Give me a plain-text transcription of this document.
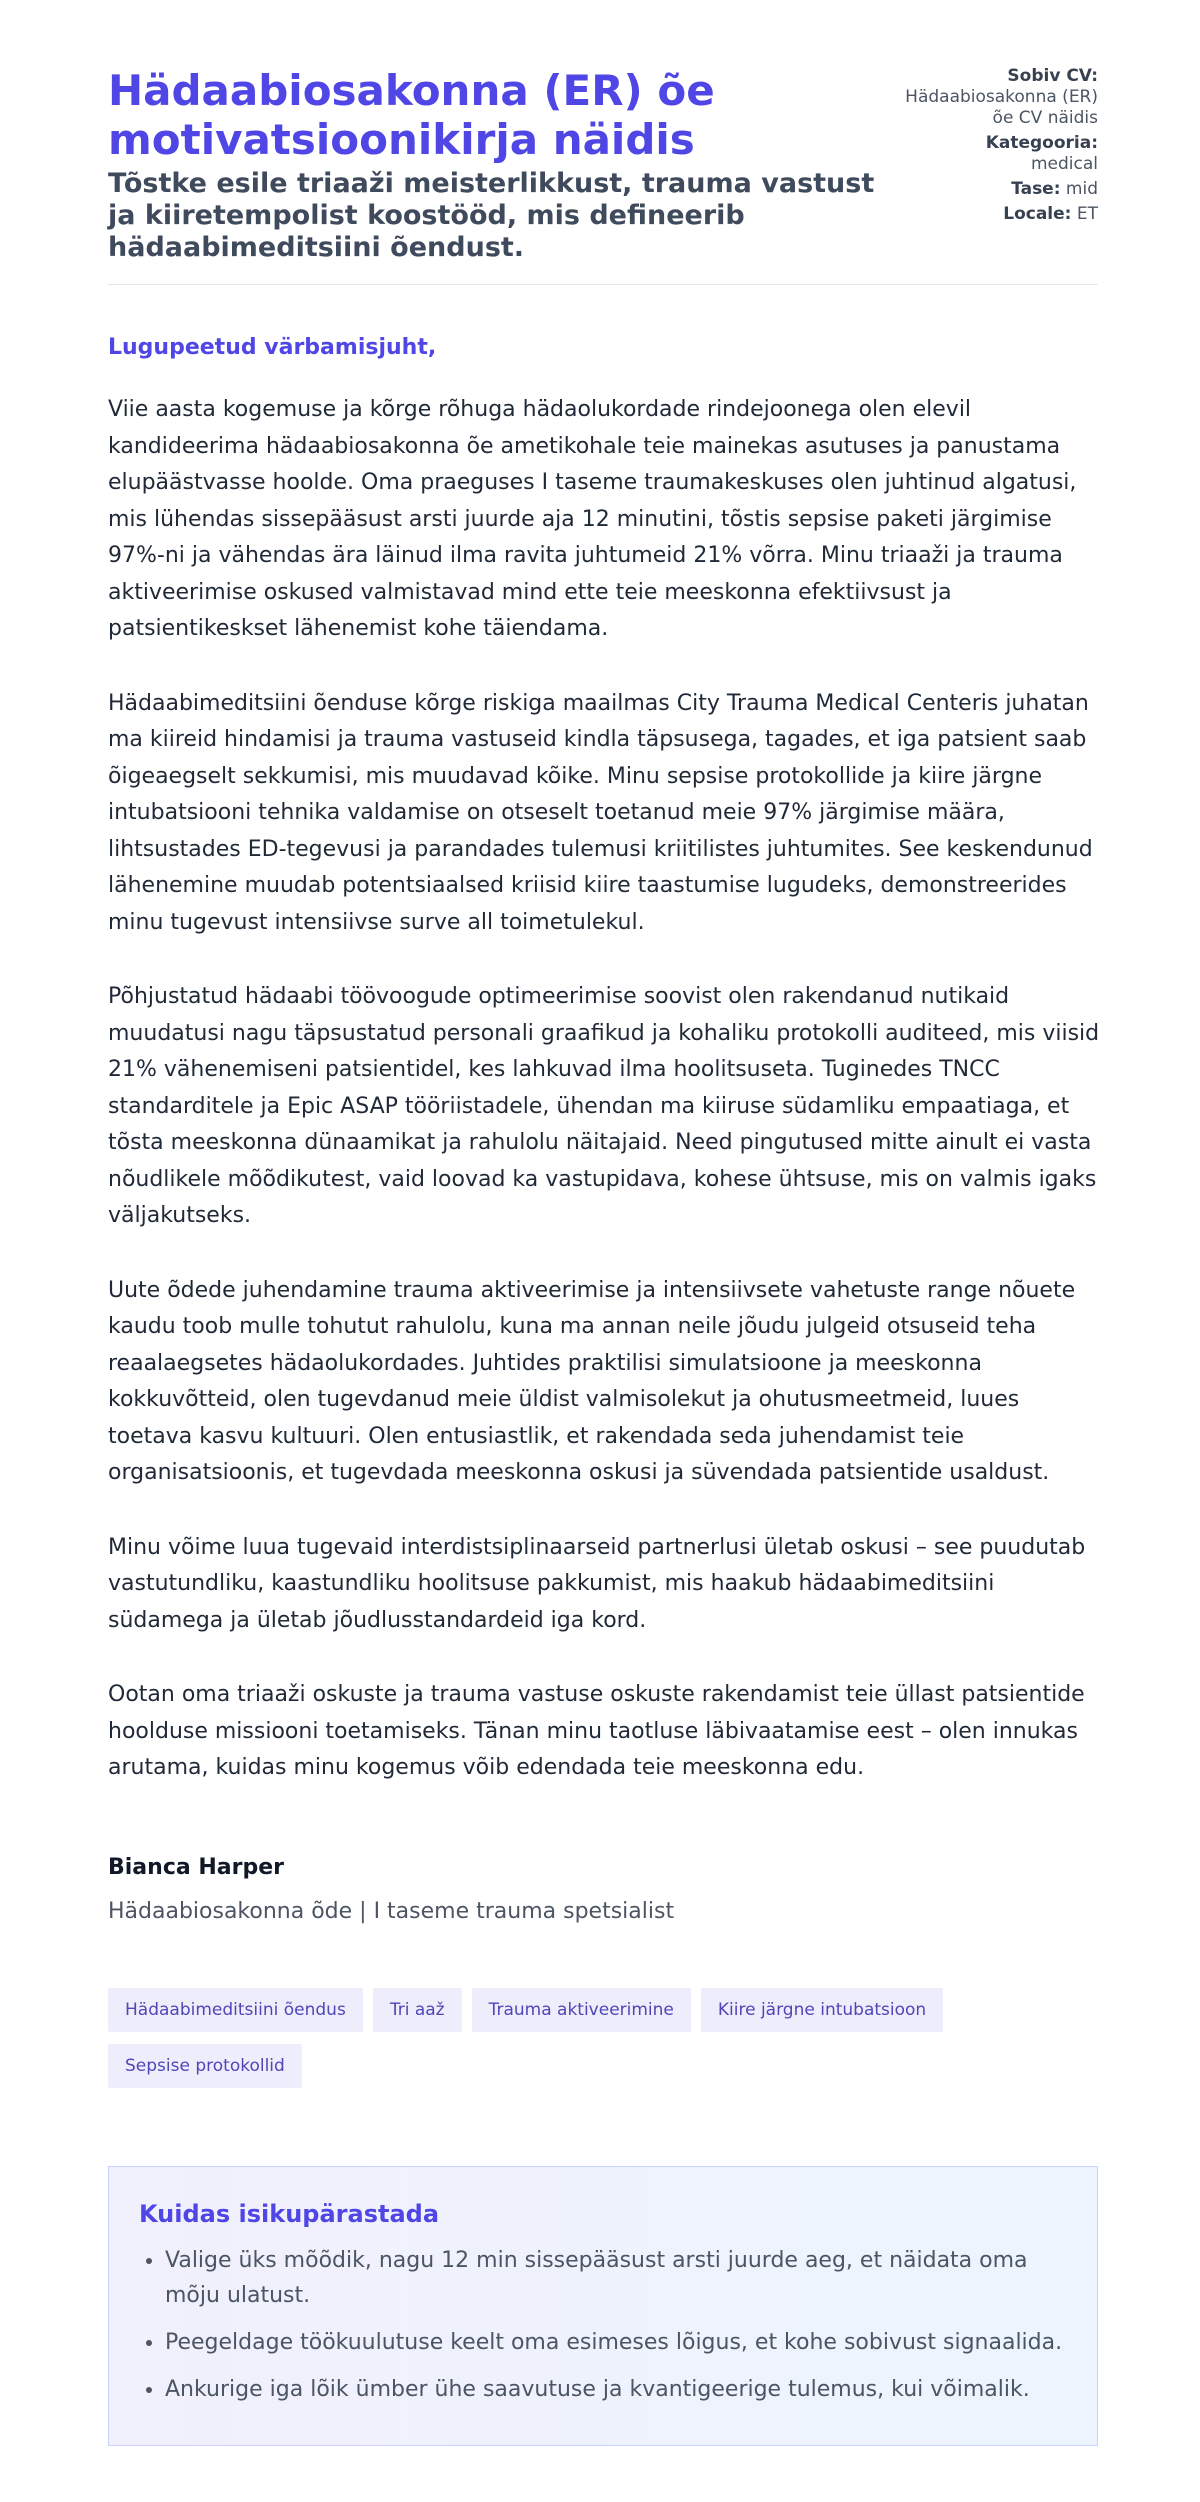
Hädaabiosakonna (ER) õe motivatsioonikirja näidis
Tõstke esile triaaži meisterlikkust, trauma vastust ja kiiretempolist koostööd, mis defineerib hädaabimeditsiini õendust.
Sobiv CV:
Hädaabiosakonna (ER) õe CV näidis
Kategooria:
medical
Tase: mid
Locale: ET
Lugupeetud värbamisjuht,

Viie aasta kogemuse ja kõrge rõhuga hädaolukordade rindejoonega olen elevil kandideerima hädaabiosakonna õe ametikohale teie mainekas asutuses ja panustama elupäästvasse hoolde. Oma praeguses I taseme traumakeskuses olen juhtinud algatusi, mis lühendas sissepääsust arsti juurde aja 12 minutini, tõstis sepsise paketi järgimise 97%-ni ja vähendas ära läinud ilma ravita juhtumeid 21% võrra. Minu triaaži ja trauma aktiveerimise oskused valmistavad mind ette teie meeskonna efektiivsust ja patsientikeskset lähenemist kohe täiendama.

Hädaabimeditsiini õenduse kõrge riskiga maailmas City Trauma Medical Centeris juhatan ma kiireid hindamisi ja trauma vastuseid kindla täpsusega, tagades, et iga patsient saab õigeaegselt sekkumisi, mis muudavad kõike. Minu sepsise protokollide ja kiire järgne intubatsiooni tehnika valdamise on otseselt toetanud meie 97% järgimise määra, lihtsustades ED-tegevusi ja parandades tulemusi kriitilistes juhtumites. See keskendunud lähenemine muudab potentsiaalsed kriisid kiire taastumise lugudeks, demonstreerides minu tugevust intensiivse surve all toimetulekul.

Põhjustatud hädaabi töövoogude optimeerimise soovist olen rakendanud nutikaid muudatusi nagu täpsustatud personali graafikud ja kohaliku protokolli auditeed, mis viisid 21% vähenemiseni patsientidel, kes lahkuvad ilma hoolitsuseta. Tuginedes TNCC standarditele ja Epic ASAP tööriistadele, ühendan ma kiiruse südamliku empaatiaga, et tõsta meeskonna dünaamikat ja rahulolu näitajaid. Need pingutused mitte ainult ei vasta nõudlikele mõõdikutest, vaid loovad ka vastupidava, kohese ühtsuse, mis on valmis igaks väljakutseks.

Uute õdede juhendamine trauma aktiveerimise ja intensiivsete vahetuste range nõuete kaudu toob mulle tohutut rahulolu, kuna ma annan neile jõudu julgeid otsuseid teha reaalaegsetes hädaolukordades. Juhtides praktilisi simulatsioone ja meeskonna kokkuvõtteid, olen tugevdanud meie üldist valmisolekut ja ohutusmeetmeid, luues toetava kasvu kultuuri. Olen entusiastlik, et rakendada seda juhendamist teie organisatsioonis, et tugevdada meeskonna oskusi ja süvendada patsientide usaldust.

Minu võime luua tugevaid interdistsiplinaarseid partnerlusi ületab oskusi – see puudutab vastutundliku, kaastundliku hoolitsuse pakkumist, mis haakub hädaabimeditsiini südamega ja ületab jõudlusstandardeid iga kord.

Ootan oma triaaži oskuste ja trauma vastuse oskuste rakendamist teie üllast patsientide hoolduse missiooni toetamiseks. Tänan minu taotluse läbivaatamise eest – olen innukas arutama, kuidas minu kogemus võib edendada teie meeskonna edu.

Bianca Harper
Hädaabiosakonna õde | I taseme trauma spetsialist
Hädaabimeditsiini õendus	Tri aaž	Trauma aktiveerimine	Kiire järgne intubatsioon
Sepsise protokollid
Kuidas isikupärastada
• Valige üks mõõdik, nagu 12 min sissepääsust arsti juurde aeg, et näidata oma mõju ulatust.
• Peegeldage töökuulutuse keelt oma esimeses lõigus, et kohe sobivust signaalida.
• Ankurige iga lõik ümber ühe saavutuse ja kvantigeerige tulemus, kui võimalik.
